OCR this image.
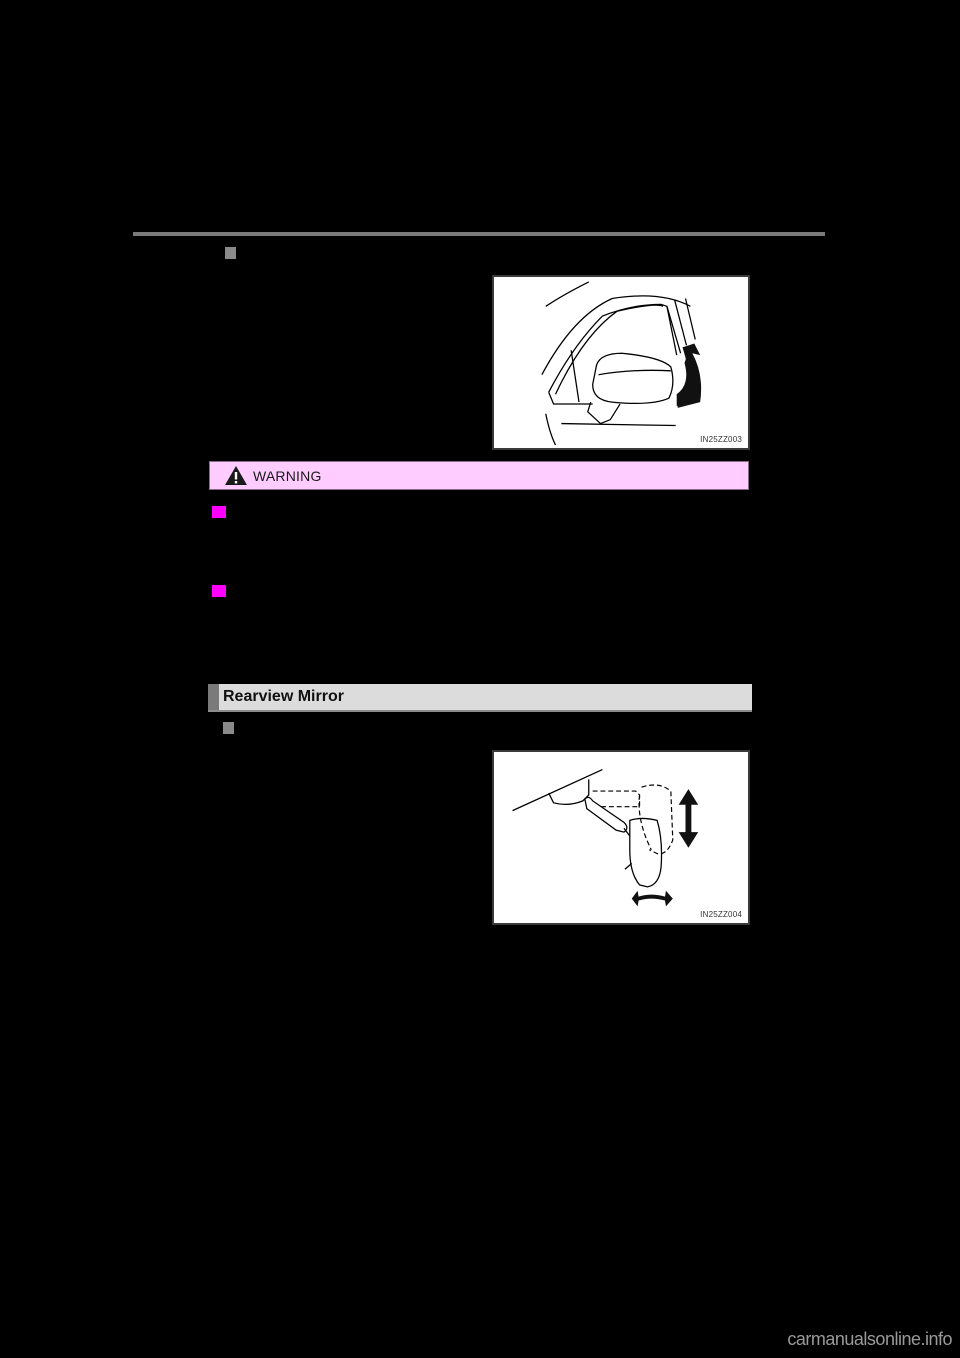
IN25ZZ003
WARNING
Rearview Mirror
IN25ZZ004
carmanualsonline.info
